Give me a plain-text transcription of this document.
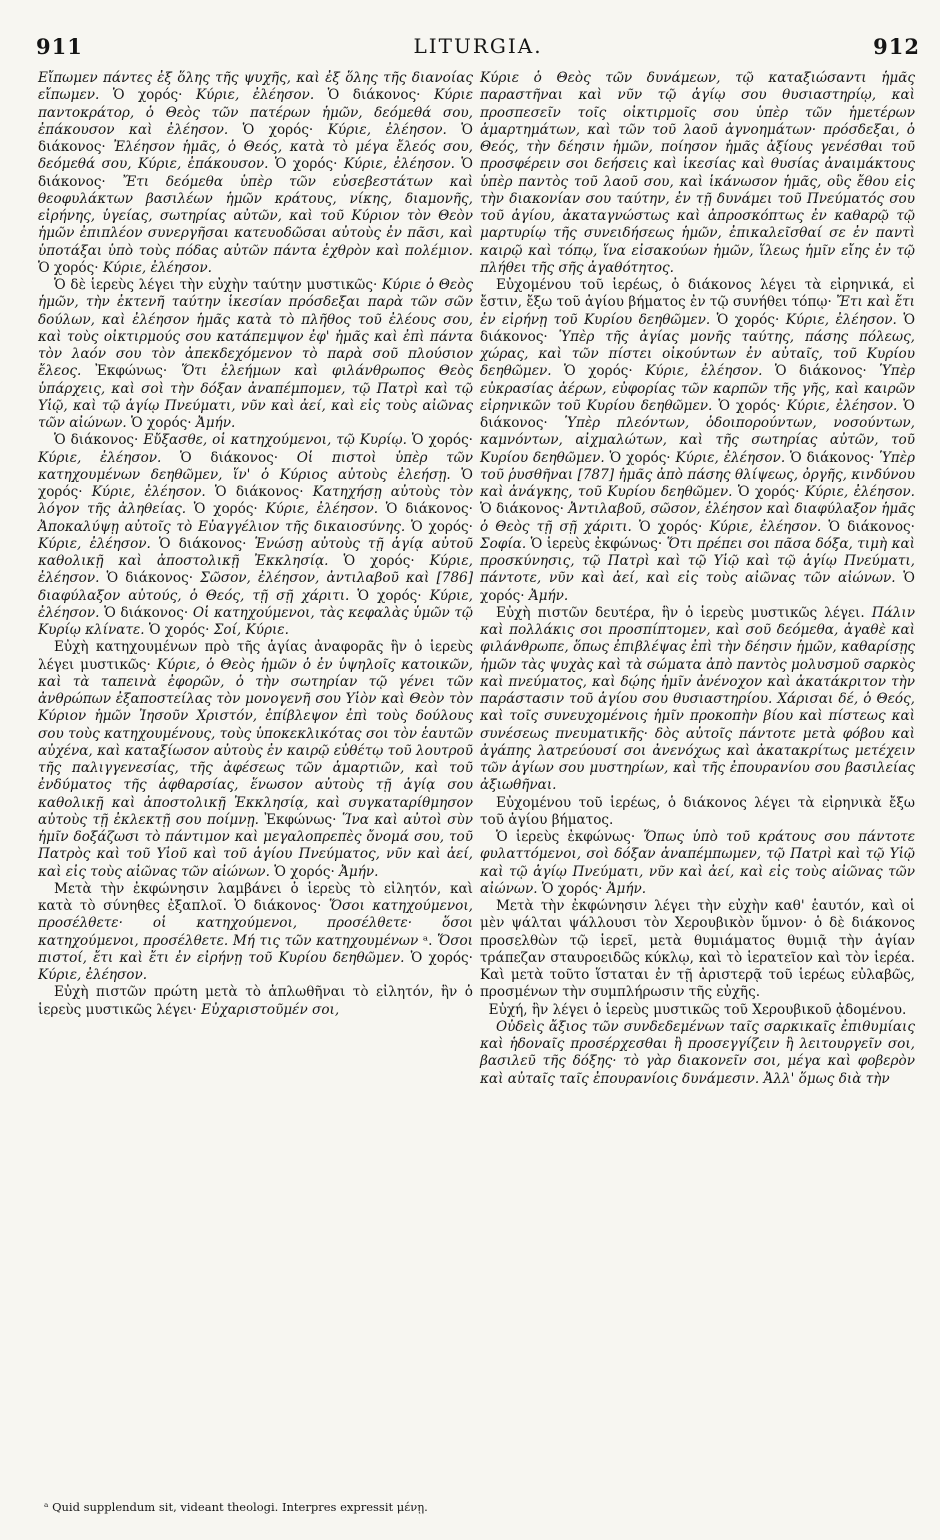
911	LITURGIA.	912

Εἴπωμεν πάντες ἐξ ὅλης τῆς ψυχῆς, καὶ ἐξ ὅλης τῆς διανοίας εἴπωμεν. Ὁ χορός· Κύριε, ἐλέησον. Ὁ διάκονος· Κύριε παντοκράτορ, ὁ Θεὸς τῶν πατέρων ἡμῶν, δεόμεθά σου, ἐπάκουσον καὶ ἐλέησον. Ὁ χορός· Κύριε, ἐλέησον. Ὁ διάκονος· Ἐλέησον ἡμᾶς, ὁ Θεός, κατὰ τὸ μέγα ἔλεός σου, δεόμεθά σου, Κύριε, ἐπάκουσον. Ὁ χορός· Κύριε, ἐλέησον. Ὁ διάκονος· Ἔτι δεόμεθα ὑπὲρ τῶν εὐσεβεστάτων καὶ θεοφυλάκτων βασιλέων ἡμῶν κράτους, νίκης, διαμονῆς, εἰρήνης, ὑγείας, σωτηρίας αὐτῶν, καὶ τοῦ Κύριον τὸν Θεὸν ἡμῶν ἐπιπλέον συνεργῆσαι κατευοδῶσαι αὐτοὺς ἐν πᾶσι, καὶ ὑποτάξαι ὑπὸ τοὺς πόδας αὐτῶν πάντα ἐχθρὸν καὶ πολέμιον. Ὁ χορός· Κύριε, ἐλέησον.

Ὁ δὲ ἱερεὺς λέγει τὴν εὐχὴν ταύτην μυστικῶς· Κύριε ὁ Θεὸς ἡμῶν, τὴν ἐκτενῆ ταύτην ἱκεσίαν πρόσδεξαι παρὰ τῶν σῶν δούλων, καὶ ἐλέησον ἡμᾶς κατὰ τὸ πλῆθος τοῦ ἐλέους σου, καὶ τοὺς οἰκτιρμούς σου κατάπεμψον ἐφ' ἡμᾶς καὶ ἐπὶ πάντα τὸν λαόν σου τὸν ἀπεκδεχόμενον τὸ παρὰ σοῦ πλούσιον ἔλεος. Ἐκφώνως· Ὅτι ἐλεήμων καὶ φιλάνθρωπος Θεὸς ὑπάρχεις, καὶ σοὶ τὴν δόξαν ἀναπέμπομεν, τῷ Πατρὶ καὶ τῷ Υἱῷ, καὶ τῷ ἁγίῳ Πνεύματι, νῦν καὶ ἀεί, καὶ εἰς τοὺς αἰῶνας τῶν αἰώνων. Ὁ χορός· Ἀμήν.

Ὁ διάκονος· Εὔξασθε, οἱ κατηχούμενοι, τῷ Κυρίῳ. Ὁ χορός· Κύριε, ἐλέησον. Ὁ διάκονος· Οἱ πιστοὶ ὑπὲρ τῶν κατηχουμένων δεηθῶμεν, ἵν' ὁ Κύριος αὐτοὺς ἐλεήσῃ. Ὁ χορός· Κύριε, ἐλέησον. Ὁ διάκονος· Κατηχήσῃ αὐτοὺς τὸν λόγον τῆς ἀληθείας. Ὁ χορός· Κύριε, ἐλέησον. Ὁ διάκονος· Ἀποκαλύψῃ αὐτοῖς τὸ Εὐαγγέλιον τῆς δικαιοσύνης. Ὁ χορός· Κύριε, ἐλέησον. Ὁ διάκονος· Ἑνώσῃ αὐτοὺς τῇ ἁγίᾳ αὐτοῦ καθολικῇ καὶ ἀποστολικῇ Ἐκκλησίᾳ. Ὁ χορός· Κύριε, ἐλέησον. Ὁ διάκονος· Σῶσον, ἐλέησον, ἀντιλαβοῦ καὶ [786] διαφύλαξον αὐτούς, ὁ Θεός, τῇ σῇ χάριτι. Ὁ χορός· Κύριε, ἐλέησον. Ὁ διάκονος· Οἱ κατηχούμενοι, τὰς κεφαλὰς ὑμῶν τῷ Κυρίῳ κλίνατε. Ὁ χορός· Σοί, Κύριε.

Εὐχὴ κατηχουμένων πρὸ τῆς ἁγίας ἀναφορᾶς ἣν ὁ ἱερεὺς λέγει μυστικῶς· Κύριε, ὁ Θεὸς ἡμῶν ὁ ἐν ὑψηλοῖς κατοικῶν, καὶ τὰ ταπεινὰ ἐφορῶν, ὁ τὴν σωτηρίαν τῷ γένει τῶν ἀνθρώπων ἐξαποστείλας τὸν μονογενῆ σου Υἱὸν καὶ Θεὸν τὸν Κύριον ἡμῶν Ἰησοῦν Χριστόν, ἐπίβλεψον ἐπὶ τοὺς δούλους σου τοὺς κατηχουμένους, τοὺς ὑποκεκλικότας σοι τὸν ἑαυτῶν αὐχένα, καὶ καταξίωσον αὐτοὺς ἐν καιρῷ εὐθέτῳ τοῦ λουτροῦ τῆς παλιγγενεσίας, τῆς ἀφέσεως τῶν ἁμαρτιῶν, καὶ τοῦ ἐνδύματος τῆς ἀφθαρσίας, ἕνωσον αὐτοὺς τῇ ἁγίᾳ σου καθολικῇ καὶ ἀποστολικῇ Ἐκκλησίᾳ, καὶ συγκαταρίθμησον αὐτοὺς τῇ ἐκλεκτῇ σου ποίμνῃ. Ἐκφώνως· Ἵνα καὶ αὐτοὶ σὺν ἡμῖν δοξάζωσι τὸ πάντιμον καὶ μεγαλοπρεπὲς ὄνομά σου, τοῦ Πατρὸς καὶ τοῦ Υἱοῦ καὶ τοῦ ἁγίου Πνεύματος, νῦν καὶ ἀεί, καὶ εἰς τοὺς αἰῶνας τῶν αἰώνων. Ὁ χορός· Ἀμήν.

Μετὰ τὴν ἐκφώνησιν λαμβάνει ὁ ἱερεὺς τὸ εἰλητόν, καὶ κατὰ τὸ σύνηθες ἐξαπλοῖ. Ὁ διάκονος· Ὅσοι κατηχούμενοι, προσέλθετε· οἱ κατηχούμενοι, προσέλθετε· ὅσοι κατηχούμενοι, προσέλθετε. Μή τις τῶν κατηχουμένων ᵃ. Ὅσοι πιστοί, ἔτι καὶ ἔτι ἐν εἰρήνῃ τοῦ Κυρίου δεηθῶμεν. Ὁ χορός· Κύριε, ἐλέησον.

Εὐχὴ πιστῶν πρώτη μετὰ τὸ ἁπλωθῆναι τὸ εἰλητόν, ἣν ὁ ἱερεὺς μυστικῶς λέγει· Εὐχαριστοῦμέν σοι,

Κύριε ὁ Θεὸς τῶν δυνάμεων, τῷ καταξιώσαντι ἡμᾶς παραστῆναι καὶ νῦν τῷ ἁγίῳ σου θυσιαστηρίῳ, καὶ προσπεσεῖν τοῖς οἰκτιρμοῖς σου ὑπὲρ τῶν ἡμετέρων ἁμαρτημάτων, καὶ τῶν τοῦ λαοῦ ἀγνοημάτων· πρόσδεξαι, ὁ Θεός, τὴν δέησιν ἡμῶν, ποίησον ἡμᾶς ἀξίους γενέσθαι τοῦ προσφέρειν σοι δεήσεις καὶ ἱκεσίας καὶ θυσίας ἀναιμάκτους ὑπὲρ παντὸς τοῦ λαοῦ σου, καὶ ἱκάνωσον ἡμᾶς, οὓς ἔθου εἰς τὴν διακονίαν σου ταύτην, ἐν τῇ δυνάμει τοῦ Πνεύματός σου τοῦ ἁγίου, ἀκαταγνώστως καὶ ἀπροσκόπτως ἐν καθαρῷ τῷ μαρτυρίῳ τῆς συνειδήσεως ἡμῶν, ἐπικαλεῖσθαί σε ἐν παντὶ καιρῷ καὶ τόπῳ, ἵνα εἰσακούων ἡμῶν, ἵλεως ἡμῖν εἴης ἐν τῷ πλήθει τῆς σῆς ἀγαθότητος.

Εὐχομένου τοῦ ἱερέως, ὁ διάκονος λέγει τὰ εἰρηνικά, εἰ ἔστιν, ἔξω τοῦ ἁγίου βήματος ἐν τῷ συνήθει τόπῳ· Ἔτι καὶ ἔτι ἐν εἰρήνῃ τοῦ Κυρίου δεηθῶμεν. Ὁ χορός· Κύριε, ἐλέησον. Ὁ διάκονος· Ὑπὲρ τῆς ἁγίας μονῆς ταύτης, πάσης πόλεως, χώρας, καὶ τῶν πίστει οἰκούντων ἐν αὐταῖς, τοῦ Κυρίου δεηθῶμεν. Ὁ χορός· Κύριε, ἐλέησον. Ὁ διάκονος· Ὑπὲρ εὐκρασίας ἀέρων, εὐφορίας τῶν καρπῶν τῆς γῆς, καὶ καιρῶν εἰρηνικῶν τοῦ Κυρίου δεηθῶμεν. Ὁ χορός· Κύριε, ἐλέησον. Ὁ διάκονος· Ὑπὲρ πλεόντων, ὁδοιπορούντων, νοσούντων, καμνόντων, αἰχμαλώτων, καὶ τῆς σωτηρίας αὐτῶν, τοῦ Κυρίου δεηθῶμεν. Ὁ χορός· Κύριε, ἐλέησον. Ὁ διάκονος· Ὑπὲρ τοῦ ῥυσθῆναι [787] ἡμᾶς ἀπὸ πάσης θλίψεως, ὀργῆς, κινδύνου καὶ ἀνάγκης, τοῦ Κυρίου δεηθῶμεν. Ὁ χορός· Κύριε, ἐλέησον. Ὁ διάκονος· Ἀντιλαβοῦ, σῶσον, ἐλέησον καὶ διαφύλαξον ἡμᾶς ὁ Θεὸς τῇ σῇ χάριτι. Ὁ χορός· Κύριε, ἐλέησον. Ὁ διάκονος· Σοφία. Ὁ ἱερεὺς ἐκφώνως· Ὅτι πρέπει σοι πᾶσα δόξα, τιμὴ καὶ προσκύνησις, τῷ Πατρὶ καὶ τῷ Υἱῷ καὶ τῷ ἁγίῳ Πνεύματι, πάντοτε, νῦν καὶ ἀεί, καὶ εἰς τοὺς αἰῶνας τῶν αἰώνων. Ὁ χορός· Ἀμήν.

Εὐχὴ πιστῶν δευτέρα, ἣν ὁ ἱερεὺς μυστικῶς λέγει. Πάλιν καὶ πολλάκις σοι προσπίπτομεν, καὶ σοῦ δεόμεθα, ἀγαθὲ καὶ φιλάνθρωπε, ὅπως ἐπιβλέψας ἐπὶ τὴν δέησιν ἡμῶν, καθαρίσῃς ἡμῶν τὰς ψυχὰς καὶ τὰ σώματα ἀπὸ παντὸς μολυσμοῦ σαρκὸς καὶ πνεύματος, καὶ δῴης ἡμῖν ἀνένοχον καὶ ἀκατάκριτον τὴν παράστασιν τοῦ ἁγίου σου θυσιαστηρίου. Χάρισαι δέ, ὁ Θεός, καὶ τοῖς συνευχομένοις ἡμῖν προκοπὴν βίου καὶ πίστεως καὶ συνέσεως πνευματικῆς· δὸς αὐτοῖς πάντοτε μετὰ φόβου καὶ ἀγάπης λατρεύουσί σοι ἀνενόχως καὶ ἀκατακρίτως μετέχειν τῶν ἁγίων σου μυστηρίων, καὶ τῆς ἐπουρανίου σου βασιλείας ἀξιωθῆναι.

Εὐχομένου τοῦ ἱερέως, ὁ διάκονος λέγει τὰ εἰρηνικὰ ἔξω τοῦ ἁγίου βήματος.

Ὁ ἱερεὺς ἐκφώνως· Ὅπως ὑπὸ τοῦ κράτους σου πάντοτε φυλαττόμενοι, σοὶ δόξαν ἀναπέμπωμεν, τῷ Πατρὶ καὶ τῷ Υἱῷ καὶ τῷ ἁγίῳ Πνεύματι, νῦν καὶ ἀεί, καὶ εἰς τοὺς αἰῶνας τῶν αἰώνων. Ὁ χορός· Ἀμήν.

Μετὰ τὴν ἐκφώνησιν λέγει τὴν εὐχὴν καθ' ἑαυτόν, καὶ οἱ μὲν ψάλται ψάλλουσι τὸν Χερουβικὸν ὕμνον· ὁ δὲ διάκονος προσελθὼν τῷ ἱερεῖ, μετὰ θυμιάματος θυμιᾷ τὴν ἁγίαν τράπεζαν σταυροειδῶς κύκλῳ, καὶ τὸ ἱερατεῖον καὶ τὸν ἱερέα. Καὶ μετὰ τοῦτο ἵσταται ἐν τῇ ἀριστερᾷ τοῦ ἱερέως εὐλαβῶς, προσμένων τὴν συμπλήρωσιν τῆς εὐχῆς.

Εὐχή, ἣν λέγει ὁ ἱερεὺς μυστικῶς τοῦ Χερουβικοῦ ᾀδομένου.

Οὐδεὶς ἄξιος τῶν συνδεδεμένων ταῖς σαρκικαῖς ἐπιθυμίαις καὶ ἡδοναῖς προσέρχεσθαι ἢ προσεγγίζειν ἢ λειτουργεῖν σοι, βασιλεῦ τῆς δόξης· τὸ γὰρ διακονεῖν σοι, μέγα καὶ φοβερὸν καὶ αὐταῖς ταῖς ἐπουρανίοις δυνάμεσιν. Ἀλλ' ὅμως διὰ τὴν

ᵃ Quid supplendum sit, videant theologi. Interpres expressit μένῃ.
